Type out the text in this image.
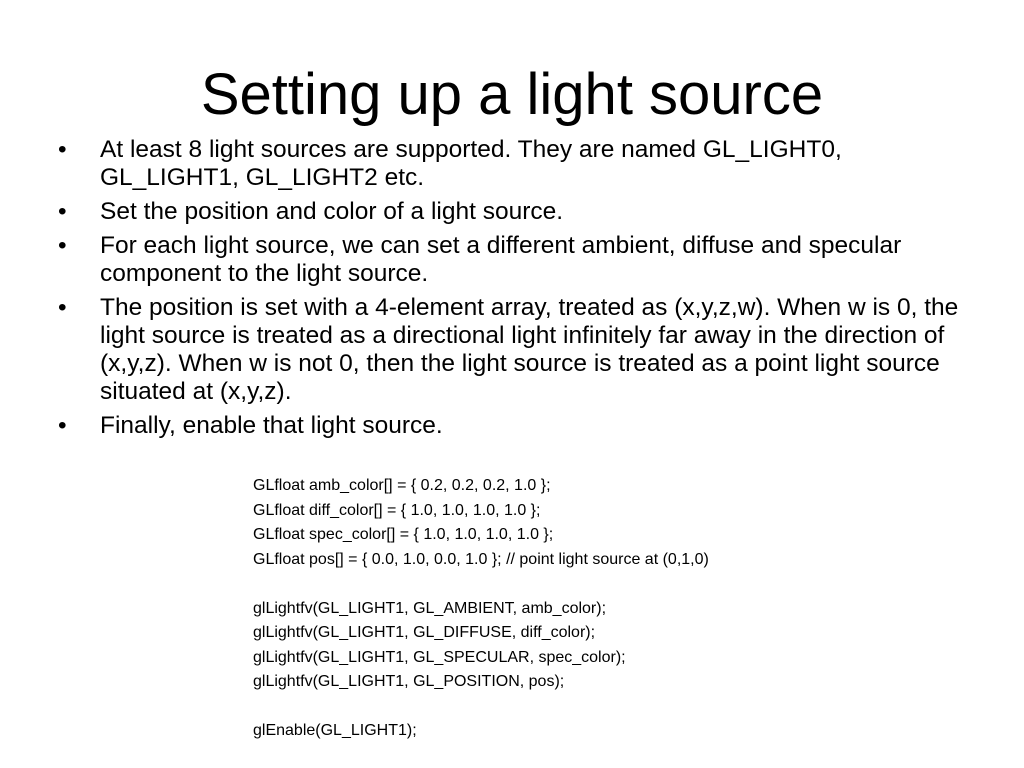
Setting up a light source
•	At least 8 light sources are supported. They are named GL_LIGHT0, GL_LIGHT1, GL_LIGHT2 etc.
•	Set the position and color of a light source.
•	For each light source, we can set a different ambient, diffuse and specular component to the light source.
•	The position is set with a 4-element array, treated as (x,y,z,w). When w is 0, the light source is treated as a directional light infinitely far away in the direction of (x,y,z). When w is not 0, then the light source is treated as a point light source situated at (x,y,z).
•	Finally, enable that light source.
GLfloat amb_color[] = { 0.2, 0.2, 0.2, 1.0 };
GLfloat diff_color[] = { 1.0, 1.0, 1.0, 1.0 };
GLfloat spec_color[] = { 1.0, 1.0, 1.0, 1.0 };
GLfloat pos[] = { 0.0, 1.0, 0.0, 1.0 }; // point light source at (0,1,0)
glLightfv(GL_LIGHT1, GL_AMBIENT, amb_color);
glLightfv(GL_LIGHT1, GL_DIFFUSE, diff_color);
glLightfv(GL_LIGHT1, GL_SPECULAR, spec_color);
glLightfv(GL_LIGHT1, GL_POSITION, pos);
glEnable(GL_LIGHT1);
